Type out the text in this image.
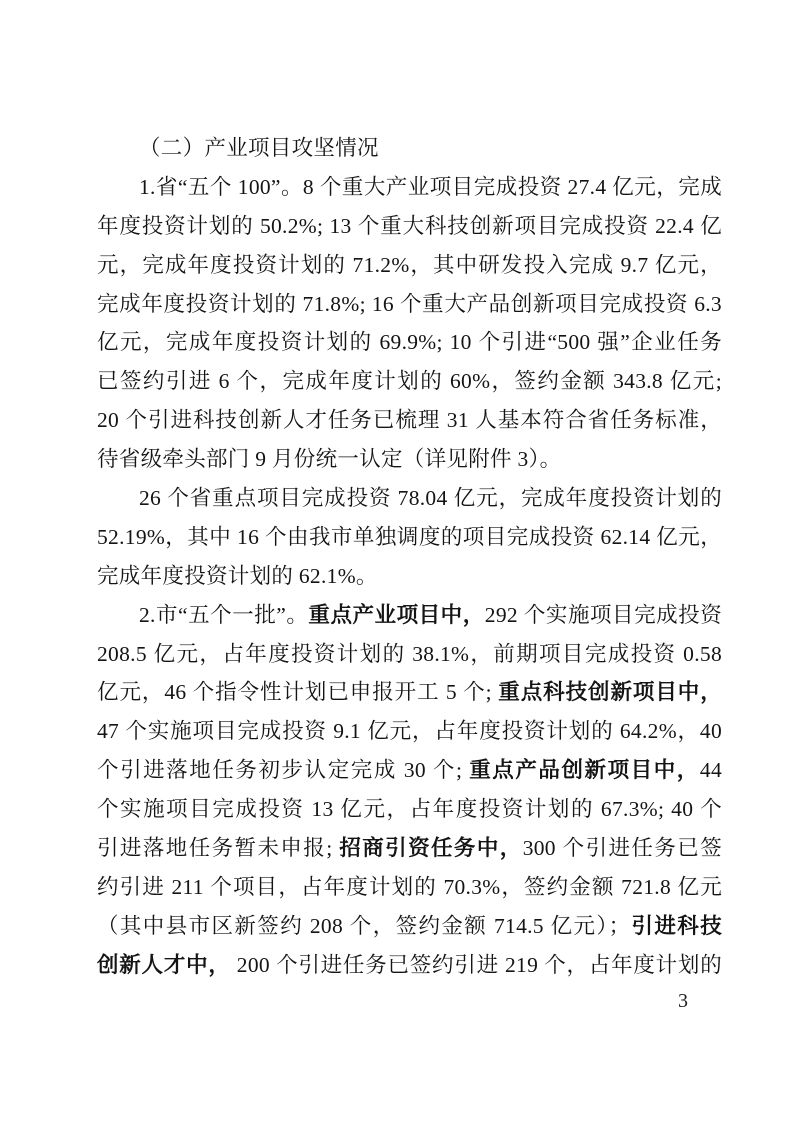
（二）产业项目攻坚情况
1.省“五个 100”。8 个重大产业项目完成投资 27.4 亿元，完成
年度投资计划的 50.2%; 13 个重大科技创新项目完成投资 22.4 亿
元，完成年度投资计划的 71.2%，其中研发投入完成 9.7 亿元，
完成年度投资计划的 71.8%; 16 个重大产品创新项目完成投资 6.3
亿元，完成年度投资计划的 69.9%; 10 个引进“500 强”企业任务
已签约引进 6 个，完成年度计划的 60%，签约金额 343.8 亿元;
20 个引进科技创新人才任务已梳理 31 人基本符合省任务标准，
待省级牵头部门 9 月份统一认定（详见附件 3）。
26 个省重点项目完成投资 78.04 亿元，完成年度投资计划的
52.19%，其中 16 个由我市单独调度的项目完成投资 62.14 亿元，
完成年度投资计划的 62.1%。
2.市“五个一批”。重点产业项目中，292 个实施项目完成投资
208.5 亿元，占年度投资计划的 38.1%，前期项目完成投资 0.58
亿元，46 个指令性计划已申报开工 5 个; 重点科技创新项目中，
47 个实施项目完成投资 9.1 亿元，占年度投资计划的 64.2%，40
个引进落地任务初步认定完成 30 个; 重点产品创新项目中，44
个实施项目完成投资 13 亿元，占年度投资计划的 67.3%; 40 个
引进落地任务暂未申报; 招商引资任务中，300 个引进任务已签
约引进 211 个项目，占年度计划的 70.3%，签约金额 721.8 亿元
（其中县市区新签约 208 个，签约金额 714.5 亿元）；引进科技
创新人才中， 200 个引进任务已签约引进 219 个，占年度计划的
3
